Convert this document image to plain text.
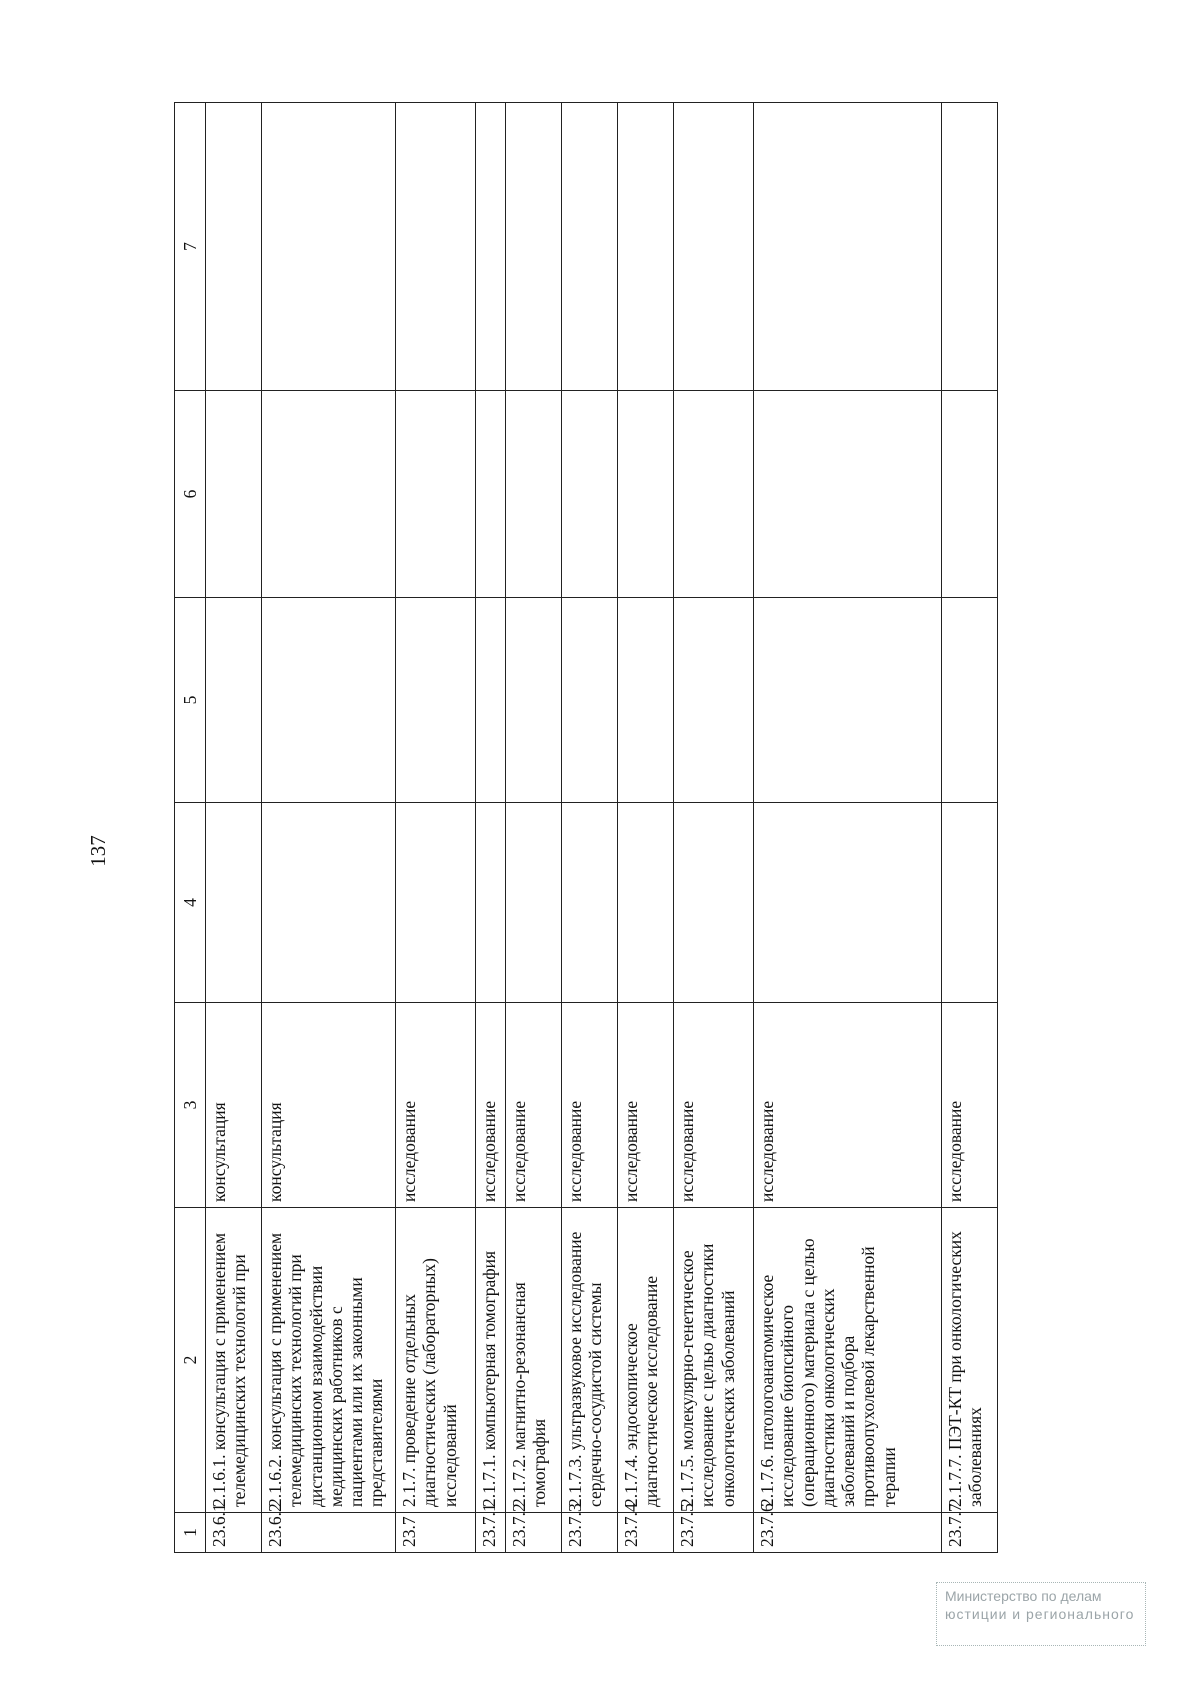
137
1	2	3	4	5	6	7
23.6.1	2.1.6.1. консультация с применением телемедицинских технологий при	консультация				
23.6.2	2.1.6.2. консультация с применением телемедицинских технологий при дистанционном взаимодействии медицинских работников с пациентами или их законными представителями	консультация				
23.7	2.1.7. проведение отдельных диагностических (лабораторных) исследований	исследование				
23.7.1	2.1.7.1. компьютерная томография	исследование				
23.7.2	2.1.7.2. магнитно-резонансная томография	исследование				
23.7.3	2.1.7.3. ультразвуковое исследование сердечно-сосудистой системы	исследование				
23.7.4	2.1.7.4. эндоскопическое диагностическое исследование	исследование				
23.7.5	2.1.7.5. молекулярно-генетическое исследование с целью диагностики онкологических заболеваний	исследование				
23.7.6	2.1.7.6. патологоанатомическое исследование биопсийного (операционного) материала с целью диагностики онкологических заболеваний и подбора противоопухолевой лекарственной терапии	исследование				
23.7.7	2.1.7.7. ПЭТ-КТ при онкологических заболеваниях	исследование				
Министерство по делам
юстиции и регионального
